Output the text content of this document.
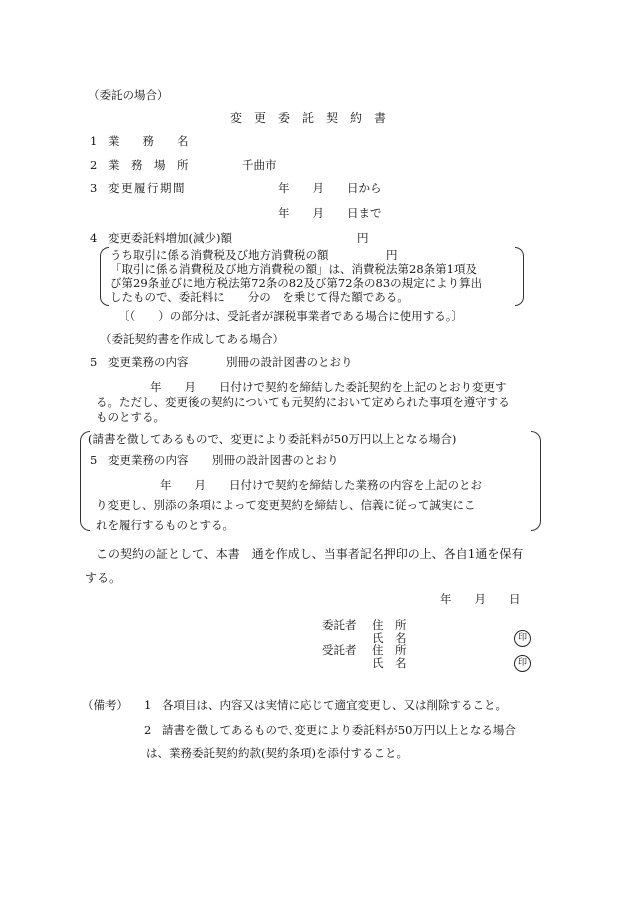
（委託の場合）
変　更　委　託　契　約　書
1 業　　務　　名
2 業　務　場　所	千曲市
3 変更履行期間	年　　月　　日から
年　　月　　日まで
4 変更委託料増加(減少)額	円
うち取引に係る消費税及び地方消費税の額　　　　　円
「取引に係る消費税及び地方消費税の額」は、消費税法第28条第1項及
び第29条並びに地方税法第72条の82及び第72条の83の規定により算出
したもので、委託料に　　分の　を乗じて得た額である。
〔（　　）の部分は、受託者が課税事業者である場合に使用する。〕
（委託契約書を作成してある場合）
5 変更業務の内容	別冊の設計図書のとおり
年　　月　　日付けで契約を締結した委託契約を上記のとおり変更す
る。ただし、変更後の契約についても元契約において定められた事項を遵守する
ものとする。
(請書を徴してあるもので、変更により委託料が50万円以上となる場合)
5 変更業務の内容 別冊の設計図書のとおり
年　　月　　日付けで契約を締結した業務の内容を上記のとお
り変更し、別添の条項によって変更契約を締結し、信義に従って誠実にこ
れを履行するものとする。
この契約の証として、本書　通を作成し、当事者記名押印の上、各自1通を保有
する。
年　　月　　日
委託者 住　所
氏　名	印
受託者 住　所
氏　名	印
（備考） 1 各項目は、内容又は実情に応じて適宜変更し、又は削除すること。
2 請書を徴してあるもので､変更により委託料が50万円以上となる場合
は、業務委託契約約款(契約条項)を添付すること。
